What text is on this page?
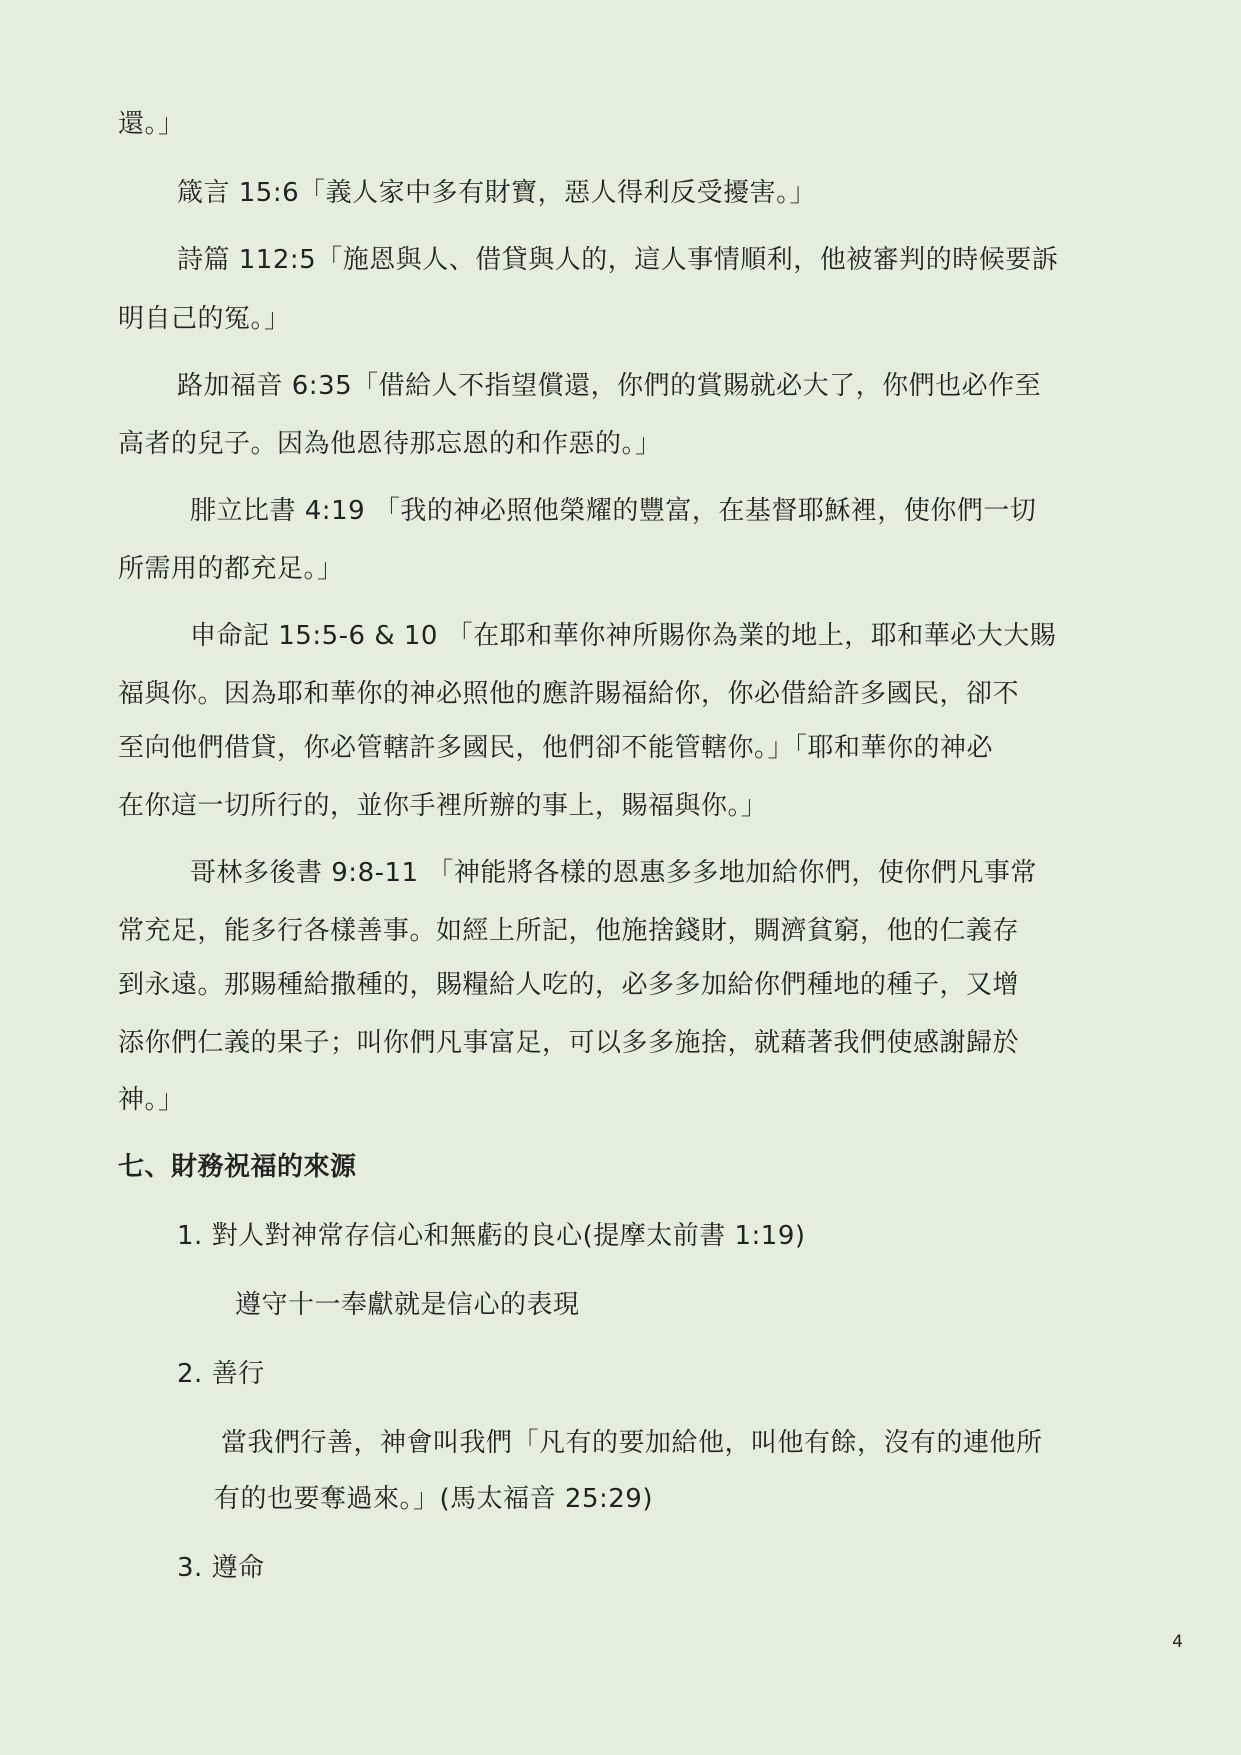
還。」
箴言 15:6「義人家中多有財寶，惡人得利反受擾害。」
詩篇 112:5「施恩與人、借貸與人的，這人事情順利，他被審判的時候要訴
明自己的冤。」
路加福音 6:35「借給人不指望償還，你們的賞賜就必大了，你們也必作至
高者的兒子。因為他恩待那忘恩的和作惡的。」
腓立比書 4:19 「我的神必照他榮耀的豐富，在基督耶穌裡，使你們一切
所需用的都充足。」
申命記 15:5-6 & 10 「在耶和華你神所賜你為業的地上，耶和華必大大賜
福與你。因為耶和華你的神必照他的應許賜福給你，你必借給許多國民，卻不
至向他們借貸，你必管轄許多國民，他們卻不能管轄你。」「耶和華你的神必
在你這一切所行的，並你手裡所辦的事上，賜福與你。」
哥林多後書 9:8-11 「神能將各樣的恩惠多多地加給你們，使你們凡事常
常充足，能多行各樣善事。如經上所記，他施捨錢財，賙濟貧窮，他的仁義存
到永遠。那賜種給撒種的，賜糧給人吃的，必多多加給你們種地的種子，又增
添你們仁義的果子；叫你們凡事富足，可以多多施捨，就藉著我們使感謝歸於
神。」
七、財務祝福的來源
1. 對人對神常存信心和無虧的良心(提摩太前書 1:19)
遵守十一奉獻就是信心的表現
2. 善行
當我們行善，神會叫我們「凡有的要加給他，叫他有餘，沒有的連他所
有的也要奪過來。」(馬太福音 25:29)
3. 遵命
4
